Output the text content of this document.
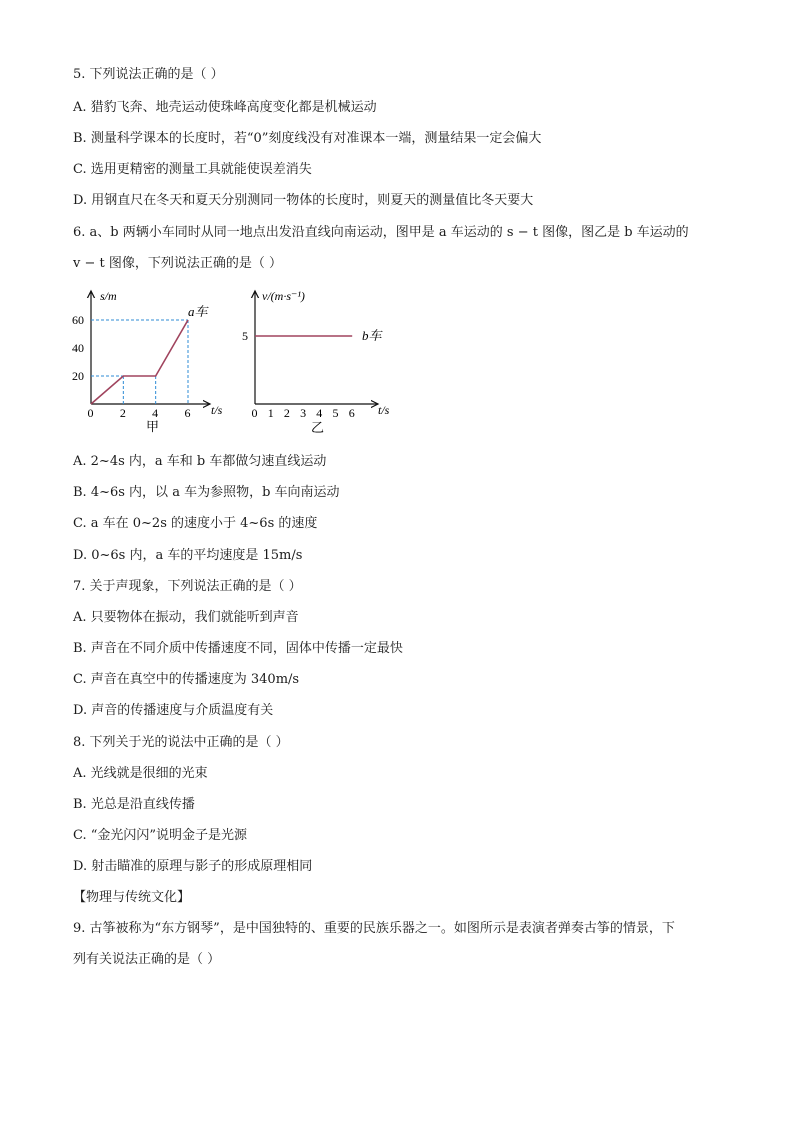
5. 下列说法正确的是（ ）
A. 猎豹飞奔、地壳运动使珠峰高度变化都是机械运动
B. 测量科学课本的长度时，若“0”刻度线没有对准课本一端，测量结果一定会偏大
C. 选用更精密的测量工具就能使误差消失
D. 用钢直尺在冬天和夏天分别测同一物体的长度时，则夏天的测量值比冬天要大
6. a、b 两辆小车同时从同一地点出发沿直线向南运动，图甲是 a 车运动的 s − t 图像，图乙是 b 车运动的
v − t 图像，下列说法正确的是（ ）
0 2 4 6
20
40
60
s/m
t/s
a车
甲
0 1 2 3 4 5 6
5
v/(m·s⁻¹)
t/s
b车
乙
A. 2~4s 内，a 车和 b 车都做匀速直线运动
B. 4~6s 内，以 a 车为参照物，b 车向南运动
C. a 车在 0~2s 的速度小于 4~6s 的速度
D. 0~6s 内，a 车的平均速度是 15m/s
7. 关于声现象，下列说法正确的是（ ）
A. 只要物体在振动，我们就能听到声音
B. 声音在不同介质中传播速度不同，固体中传播一定最快
C. 声音在真空中的传播速度为 340m/s
D. 声音的传播速度与介质温度有关
8. 下列关于光的说法中正确的是（ ）
A. 光线就是很细的光束
B. 光总是沿直线传播
C. “金光闪闪”说明金子是光源
D. 射击瞄准的原理与影子的形成原理相同
【物理与传统文化】
9. 古筝被称为“东方钢琴”，是中国独特的、重要的民族乐器之一。如图所示是表演者弹奏古筝的情景，下
列有关说法正确的是（ ）
